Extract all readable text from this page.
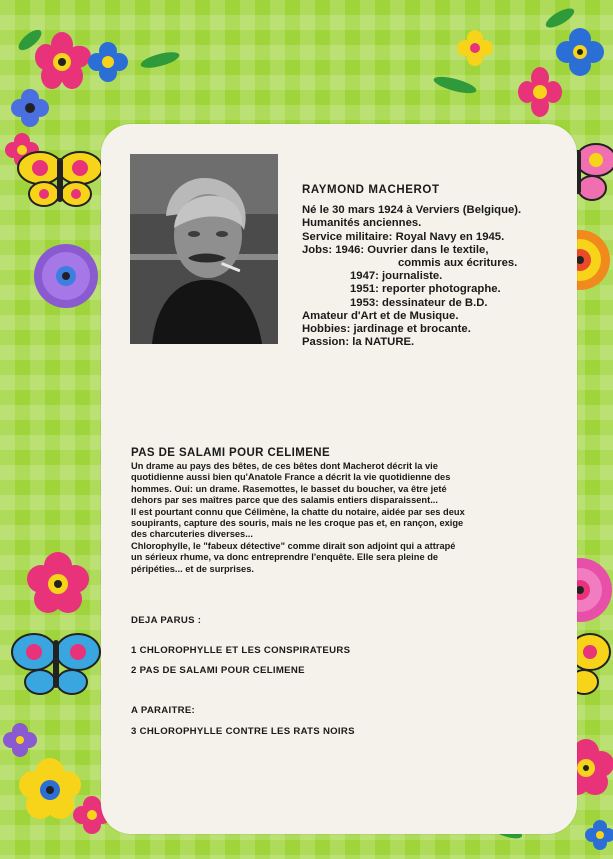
RAYMOND MACHEROT
Né le 30 mars 1924 à Verviers (Belgique).
Humanités anciennes.
Service militaire: Royal Navy en 1945.
Jobs: 1946: Ouvrier dans le textile,
commis aux écritures.
1947: journaliste.
1951: reporter photographe.
1953: dessinateur de B.D.
Amateur d'Art et de Musique.
Hobbies: jardinage et brocante.
Passion: la NATURE.
PAS DE SALAMI POUR CELIMENE
Un drame au pays des bêtes, de ces bêtes dont Macherot décrit la vie
quotidienne aussi bien qu'Anatole France a décrit la vie quotidienne des
hommes. Oui: un drame. Rasemottes, le basset du boucher, va être jeté
dehors par ses maîtres parce que des salamis entiers disparaissent...
Il est pourtant connu que Célimène, la chatte du notaire, aidée par ses deux
soupirants, capture des souris, mais ne les croque pas et, en rançon, exige
des charcuteries diverses...
Chlorophylle, le "fabeux détective" comme dirait son adjoint qui a attrapé
un sérieux rhume, va donc entreprendre l'enquête. Elle sera pleine de
péripéties... et de surprises.
DEJA PARUS :
1 CHLOROPHYLLE ET LES CONSPIRATEURS
2 PAS DE SALAMI POUR CELIMENE
A PARAITRE:
3 CHLOROPHYLLE CONTRE LES RATS NOIRS
